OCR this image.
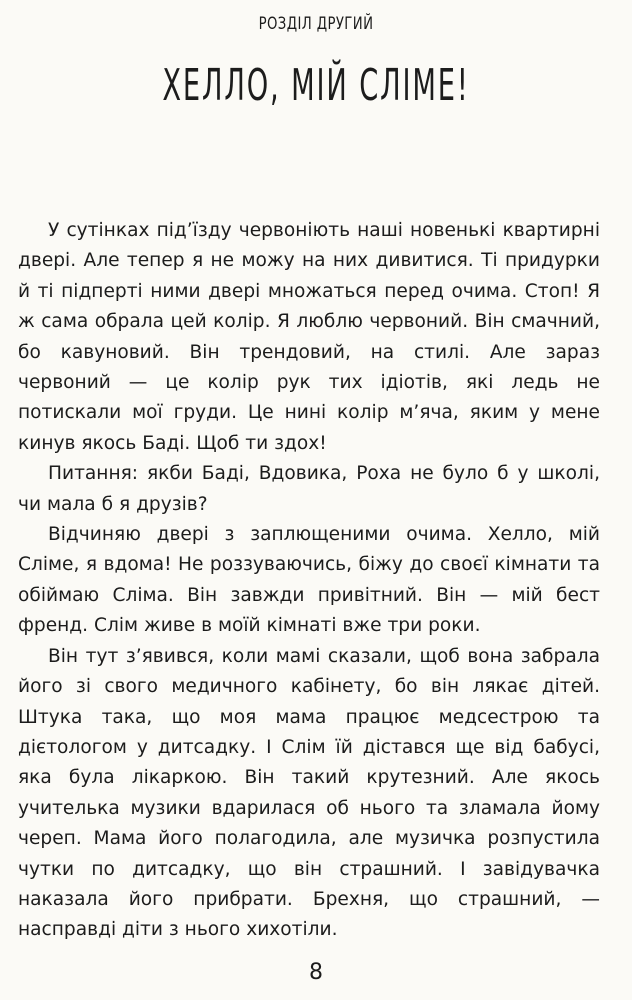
РОЗДІЛ ДРУГИЙ
ХЕЛЛО, МІЙ СЛІМЕ!

У сутінках під’їзду червоніють наші новенькі квартирні двері. Але тепер я не можу на них дивитися. Ті придурки й ті підперті ними двері множаться перед очима. Стоп! Я ж сама обрала цей колір. Я люблю червоний. Він смачний, бо кавуновий. Він трендовий, на стилі. Але зараз червоний — це колір рук тих ідіотів, які ледь не потискали мої груди. Це нині колір м’яча, яким у мене кинув якось Баді. Щоб ти здох!

Питання: якби Баді, Вдовика, Роха не було б у школі, чи мала б я друзів?

Відчиняю двері з заплющеними очима. Хелло, мій Сліме, я вдома! Не роззуваючись, біжу до своєї кімнати та обіймаю Сліма. Він завжди привітний. Він — мій бест френд. Слім живе в моїй кімнаті вже три роки.

Він тут з’явився, коли мамі сказали, щоб вона забрала його зі свого медичного кабінету, бо він лякає дітей. Штука така, що моя мама працює медсестрою та дієтологом у дитсадку. І Слім їй дістався ще від бабусі, яка була лікаркою. Він такий крутезний. Але якось учителька музики вдарилася об нього та зламала йому череп. Мама його полагодила, але музичка розпустила чутки по дитсадку, що він страшний. І завідувачка наказала його прибрати. Брехня, що страшний, — насправді діти з нього хихотіли.

8
